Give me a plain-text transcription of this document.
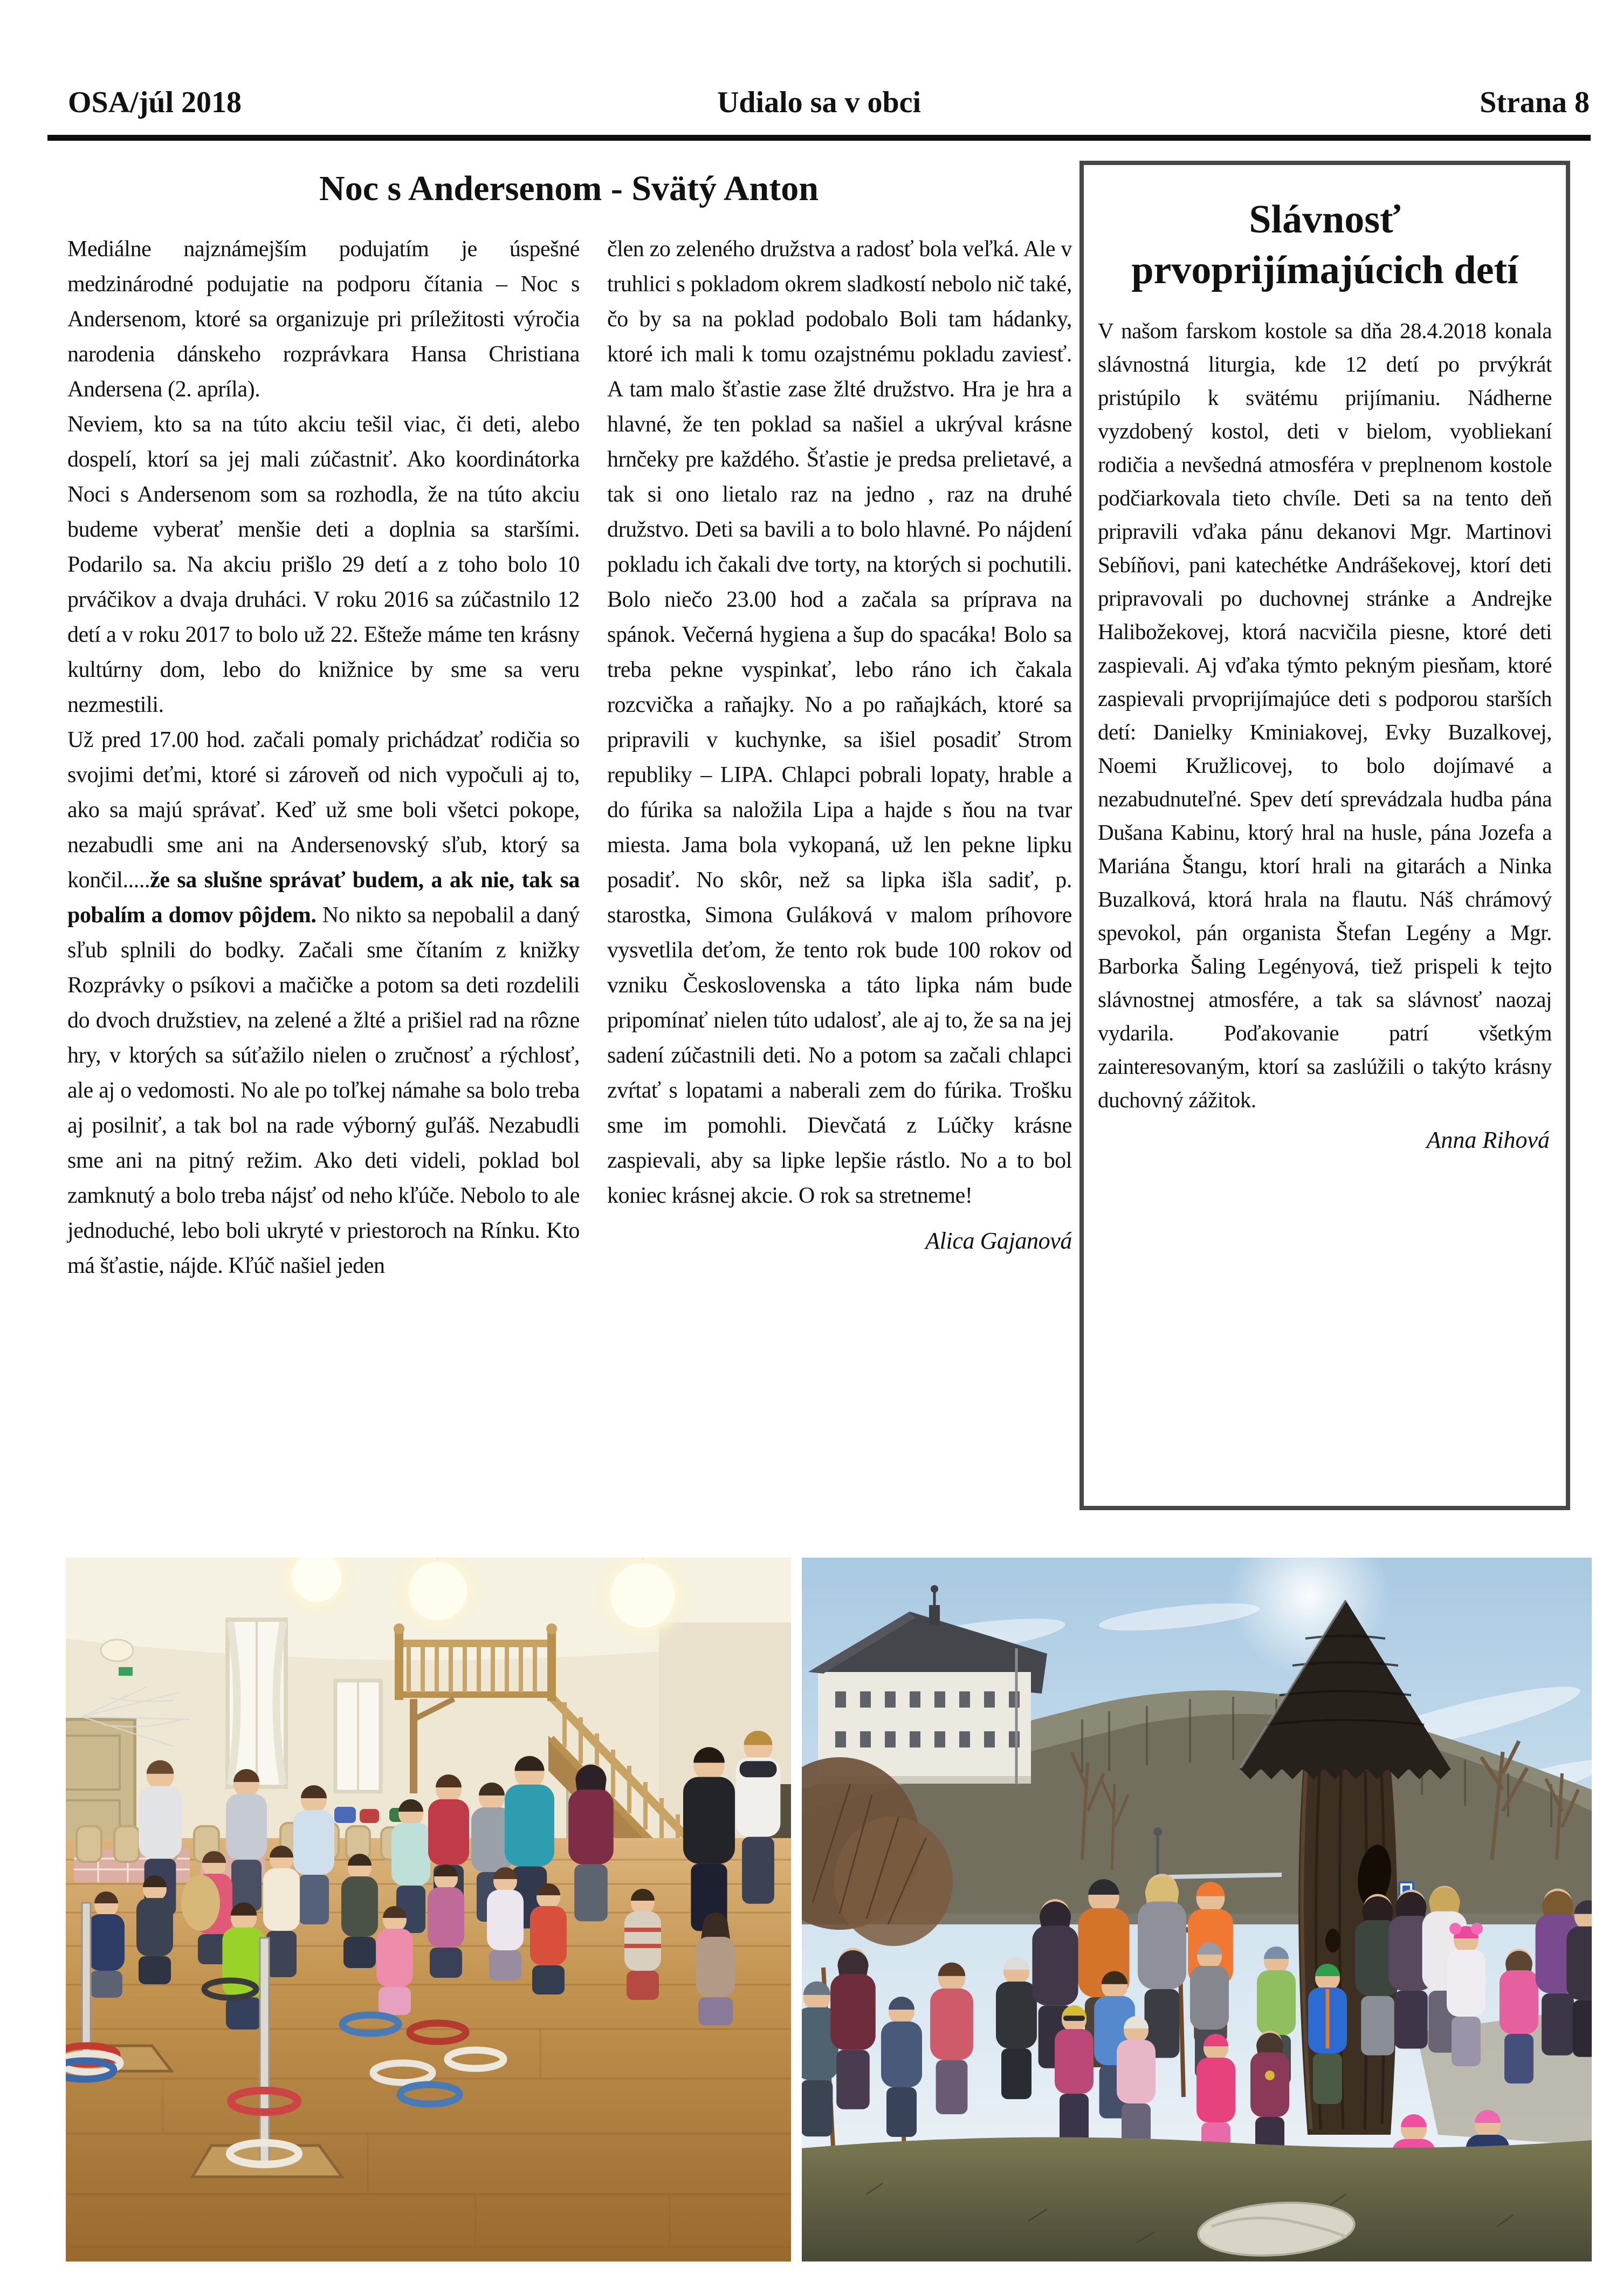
OSA/júl 2018	Udialo sa v obci	Strana 8
Noc s Andersenom - Svätý Anton

Mediálne najznámejším podujatím je úspešné medzinárodné podujatie na podporu čítania – Noc s Andersenom, ktoré sa organizuje pri príležitosti výročia narodenia dánskeho rozprávkara Hansa Christiana Andersena (2. apríla).

Neviem, kto sa na túto akciu tešil viac, či deti, alebo dospelí, ktorí sa jej mali zúčastniť. Ako koordinátorka Noci s Andersenom som sa rozhodla, že na túto akciu budeme vyberať menšie deti a doplnia sa staršími. Podarilo sa. Na akciu prišlo 29 detí a z toho bolo 10 prváčikov a dvaja druháci. V roku 2016 sa zúčastnilo 12 detí a v roku 2017 to bolo už 22. Ešteže máme ten krásny kultúrny dom, lebo do knižnice by sme sa veru nezmestili.

Už pred 17.00 hod. začali pomaly prichádzať rodičia so svojimi deťmi, ktoré si zároveň od nich vypočuli aj to, ako sa majú správať. Keď už sme boli všetci pokope, nezabudli sme ani na Andersenovský sľub, ktorý sa končil.....že sa slušne správať budem, a ak nie, tak sa pobalím a domov pôjdem. No nikto sa nepobalil a daný sľub splnili do bodky. Začali sme čítaním z knižky Rozprávky o psíkovi a mačičke a potom sa deti rozdelili do dvoch družstiev, na zelené a žlté a prišiel rad na rôzne hry, v ktorých sa súťažilo nielen o zručnosť a rýchlosť, ale aj o vedomosti. No ale po toľkej námahe sa bolo treba aj posilniť, a tak bol na rade výborný guľáš. Nezabudli sme ani na pitný režim. Ako deti videli, poklad bol zamknutý a bolo treba nájsť od neho kľúče. Nebolo to ale jednoduché, lebo boli ukryté v priestoroch na Rínku. Kto má šťastie, nájde. Kľúč našiel jeden

člen zo zeleného družstva a radosť bola veľká. Ale v truhlici s pokladom okrem sladkostí nebolo nič také, čo by sa na poklad podobalo Boli tam hádanky, ktoré ich mali k tomu ozajstnému pokladu zaviesť. A tam malo šťastie zase žlté družstvo. Hra je hra a hlavné, že ten poklad sa našiel a ukrýval krásne hrnčeky pre každého. Šťastie je predsa prelietavé, a tak si ono lietalo raz na jedno , raz na druhé družstvo. Deti sa bavili a to bolo hlavné. Po nájdení pokladu ich čakali dve torty, na ktorých si pochutili. Bolo niečo 23.00 hod a začala sa príprava na spánok. Večerná hygiena a šup do spacáka! Bolo sa treba pekne vyspinkať, lebo ráno ich čakala rozcvička a raňajky. No a po raňajkách, ktoré sa pripravili v kuchynke, sa išiel posadiť Strom republiky – LIPA. Chlapci pobrali lopaty, hrable a do fúrika sa naložila Lipa a hajde s ňou na tvar miesta. Jama bola vykopaná, už len pekne lipku posadiť. No skôr, než sa lipka išla sadiť, p. starostka, Simona Guláková v malom príhovore vysvetlila deťom, že tento rok bude 100 rokov od vzniku Československa a táto lipka nám bude pripomínať nielen túto udalosť, ale aj to, že sa na jej sadení zúčastnili deti. No a potom sa začali chlapci zvŕtať s lopatami a naberali zem do fúrika. Trošku sme im pomohli. Dievčatá z Lúčky krásne zaspievali, aby sa lipke lepšie rástlo. No a to bol koniec krásnej akcie. O rok sa stretneme!

Alica Gajanová

Slávnosť prvoprijímajúcich detí

V našom farskom kostole sa dňa 28.4.2018 konala slávnostná liturgia, kde 12 detí po prvýkrát pristúpilo k svätému prijímaniu. Nádherne vyzdobený kostol, deti v bielom, vyobliekaní rodičia a nevšedná atmosféra v preplnenom kostole podčiarkovala tieto chvíle. Deti sa na tento deň pripravili vďaka pánu dekanovi Mgr. Martinovi Sebíňovi, pani katechétke Andrášekovej, ktorí deti pripravovali po duchovnej stránke a Andrejke Halibožekovej, ktorá nacvičila piesne, ktoré deti zaspievali. Aj vďaka týmto pekným piesňam, ktoré zaspievali prvoprijímajúce deti s podporou starších detí: Danielky Kminiakovej, Evky Buzalkovej, Noemi Kružlicovej, to bolo dojímavé a nezabudnuteľné. Spev detí sprevádzala hudba pána Dušana Kabinu, ktorý hral na husle, pána Jozefa a Mariána Štangu, ktorí hrali na gitarách a Ninka Buzalková, ktorá hrala na flautu. Náš chrámový spevokol, pán organista Štefan Legény a Mgr. Barborka Šaling Legényová, tiež prispeli k tejto slávnostnej atmosfére, a tak sa slávnosť naozaj vydarila. Poďakovanie patrí všetkým zainteresovaným, ktorí sa zaslúžili o takýto krásny duchovný zážitok.

Anna Rihová
